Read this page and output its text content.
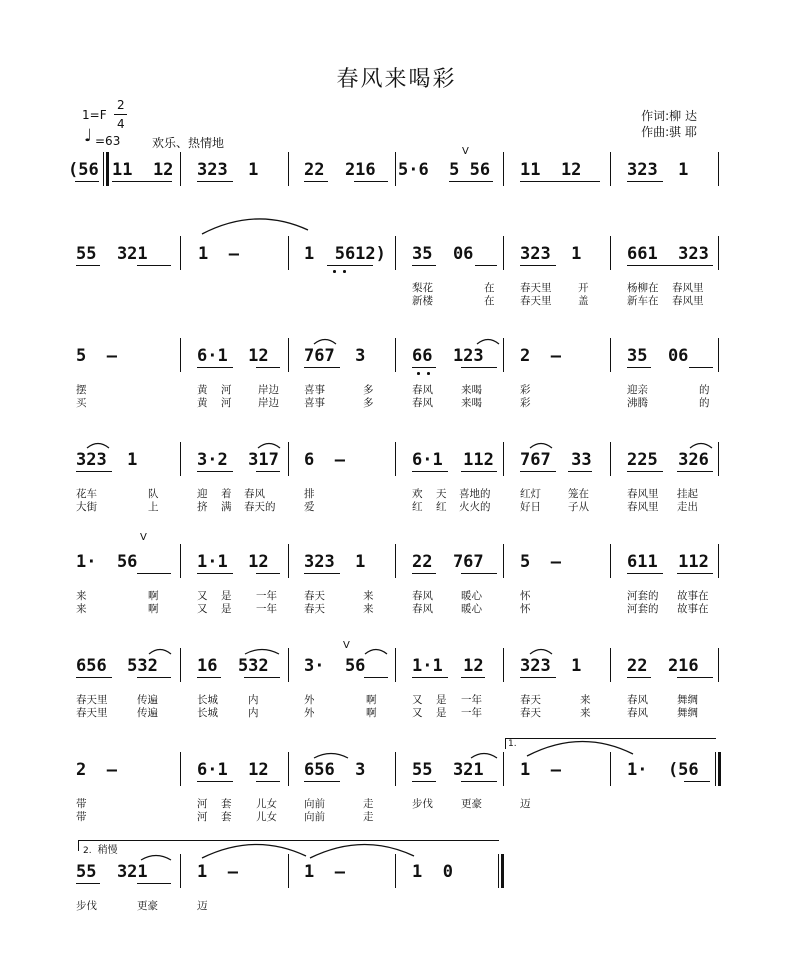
春风来喝彩
1=F
2
4
♩ =63	欢乐、热情地
作词:柳 达
作曲:骐 耶
(56 11  12 323  1	22  216 5·6  5 56
V
11  12	323  1
55  321	1  —	1  5612) 35  06	323  1	661  323
梨花	在 春天里	开	杨柳在 春风里
新楼	在 春天里	盖	新车在 春风里
5  —	6·1  12 767  3	66  123 2  —	35  06
摆	黄 河	岸边 喜事	多	春风	来喝	彩	迎亲	的
买	黄 河	岸边 喜事	多	春风	来喝	彩	沸腾	的
323  1	3·2  317 6  —	6·1  112 767  33 225  326
花车	队	迎 着 春风	排	欢 天 喜地的	红灯	笼在	春风里 挂起
大街	上	挤 满 春天的	爱	红 红 火火的	好日	子从	春风里 走出
1·  56
V
1·1  12 323  1	22  767 5  —	611  112
来	啊	又 是 一年	春天	来	春风	暖心	怀	河套的 故事在
来	啊	又 是 一年	春天	来	春风	暖心	怀	河套的 故事在
656  532 16  532 3·  56
V
1·1  12 323  1	22  216
春天里	传遍	长城	内	外	啊	又 是 一年	春天	来	春风	舞绸
春天里	传遍	长城	内	外	啊	又 是 一年	春天	来	春风	舞绸
2  —	6·1  12 656  3	55  321
1.
1  —	1·  (56
带	河 套 儿女	向前	走	步伐	更豪	迈
带	河 套 儿女	向前	走
2. 稍慢
55  321	1  —	1  —	1  0
步伐	更豪	迈
